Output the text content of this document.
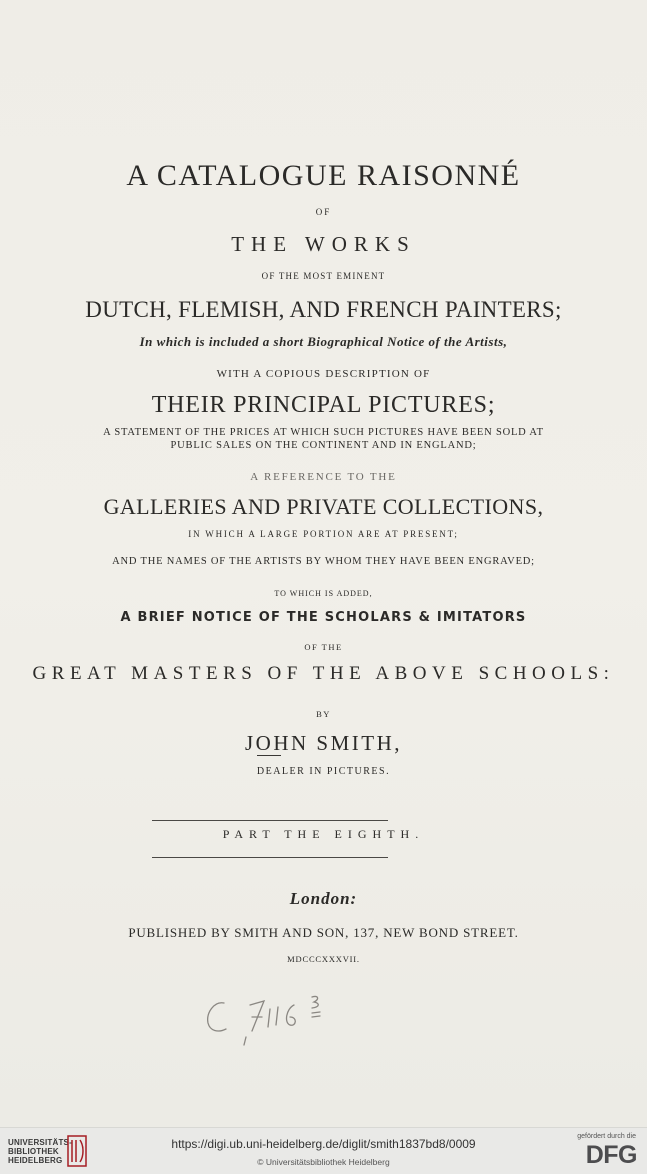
A CATALOGUE RAISONNÉ
OF
THE WORKS
OF THE MOST EMINENT
DUTCH, FLEMISH, AND FRENCH PAINTERS;
In which is included a short Biographical Notice of the Artists,
WITH A COPIOUS DESCRIPTION OF
THEIR PRINCIPAL PICTURES;
A STATEMENT OF THE PRICES AT WHICH SUCH PICTURES HAVE BEEN SOLD AT
PUBLIC SALES ON THE CONTINENT AND IN ENGLAND;
A REFERENCE TO THE
GALLERIES AND PRIVATE COLLECTIONS,
IN WHICH A LARGE PORTION ARE AT PRESENT;
AND THE NAMES OF THE ARTISTS BY WHOM THEY HAVE BEEN ENGRAVED;
TO WHICH IS ADDED,
A BRIEF NOTICE OF THE SCHOLARS & IMITATORS
OF THE
GREAT MASTERS OF THE ABOVE SCHOOLS:
BY
JOHN SMITH,
DEALER IN PICTURES.
PART THE EIGHTH.
London:
PUBLISHED BY SMITH AND SON, 137, NEW BOND STREET.
MDCCCXXXVII.
UNIVERSITÄTS-
BIBLIOTHEK
HEIDELBERG
https://digi.ub.uni-heidelberg.de/diglit/smith1837bd8/0009
© Universitätsbibliothek Heidelberg
gefördert durch die
DFG
